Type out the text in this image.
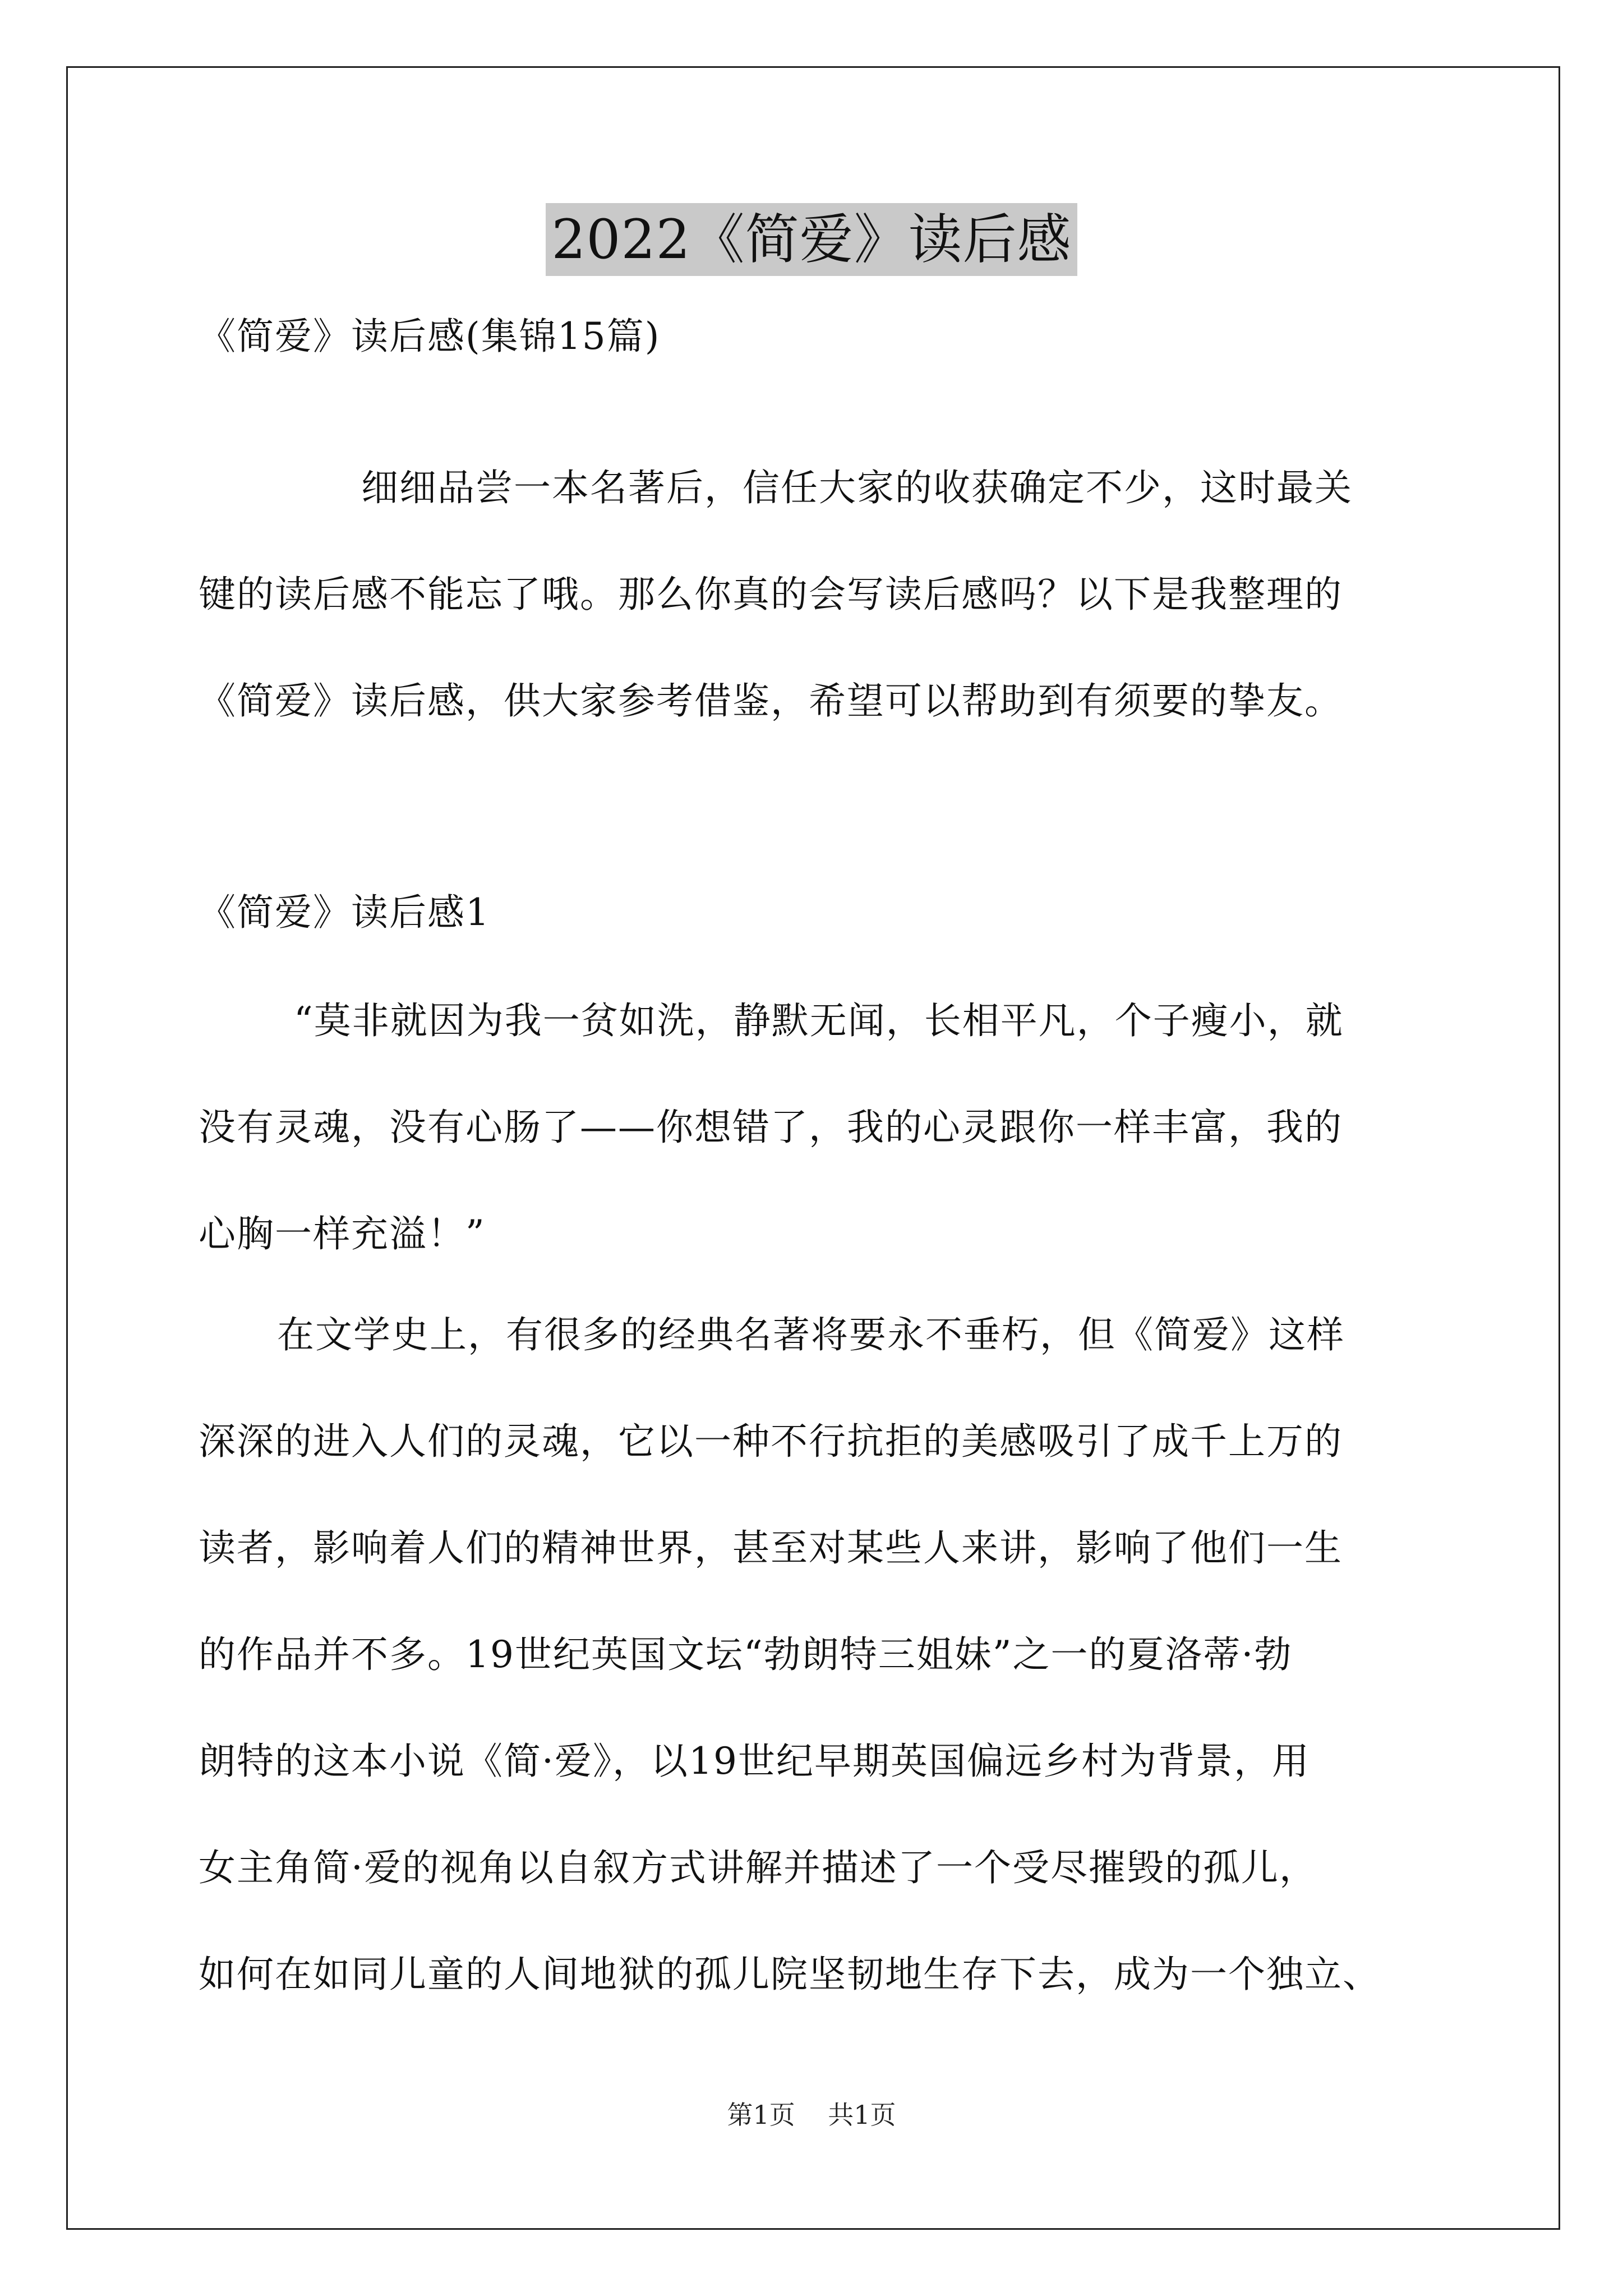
2022《简爱》读后感
《简爱》读后感(集锦15篇)
细细品尝一本名著后，信任大家的收获确定不少，这时最关
键的读后感不能忘了哦。那么你真的会写读后感吗？以下是我整理的
《简爱》读后感，供大家参考借鉴，希望可以帮助到有须要的挚友。
《简爱》读后感1
“莫非就因为我一贫如洗，静默无闻，长相平凡，个子瘦小，就
没有灵魂，没有心肠了——你想错了，我的心灵跟你一样丰富，我的
心胸一样充溢！”
在文学史上，有很多的经典名著将要永不垂朽，但《简爱》这样
深深的进入人们的灵魂，它以一种不行抗拒的美感吸引了成千上万的
读者，影响着人们的精神世界，甚至对某些人来讲，影响了他们一生
的作品并不多。19世纪英国文坛“勃朗特三姐妹”之一的夏洛蒂·勃
朗特的这本小说《简·爱》，以19世纪早期英国偏远乡村为背景，用
女主角简·爱的视角以自叙方式讲解并描述了一个受尽摧毁的孤儿，
如何在如同儿童的人间地狱的孤儿院坚韧地生存下去，成为一个独立、
第1页 共1页
